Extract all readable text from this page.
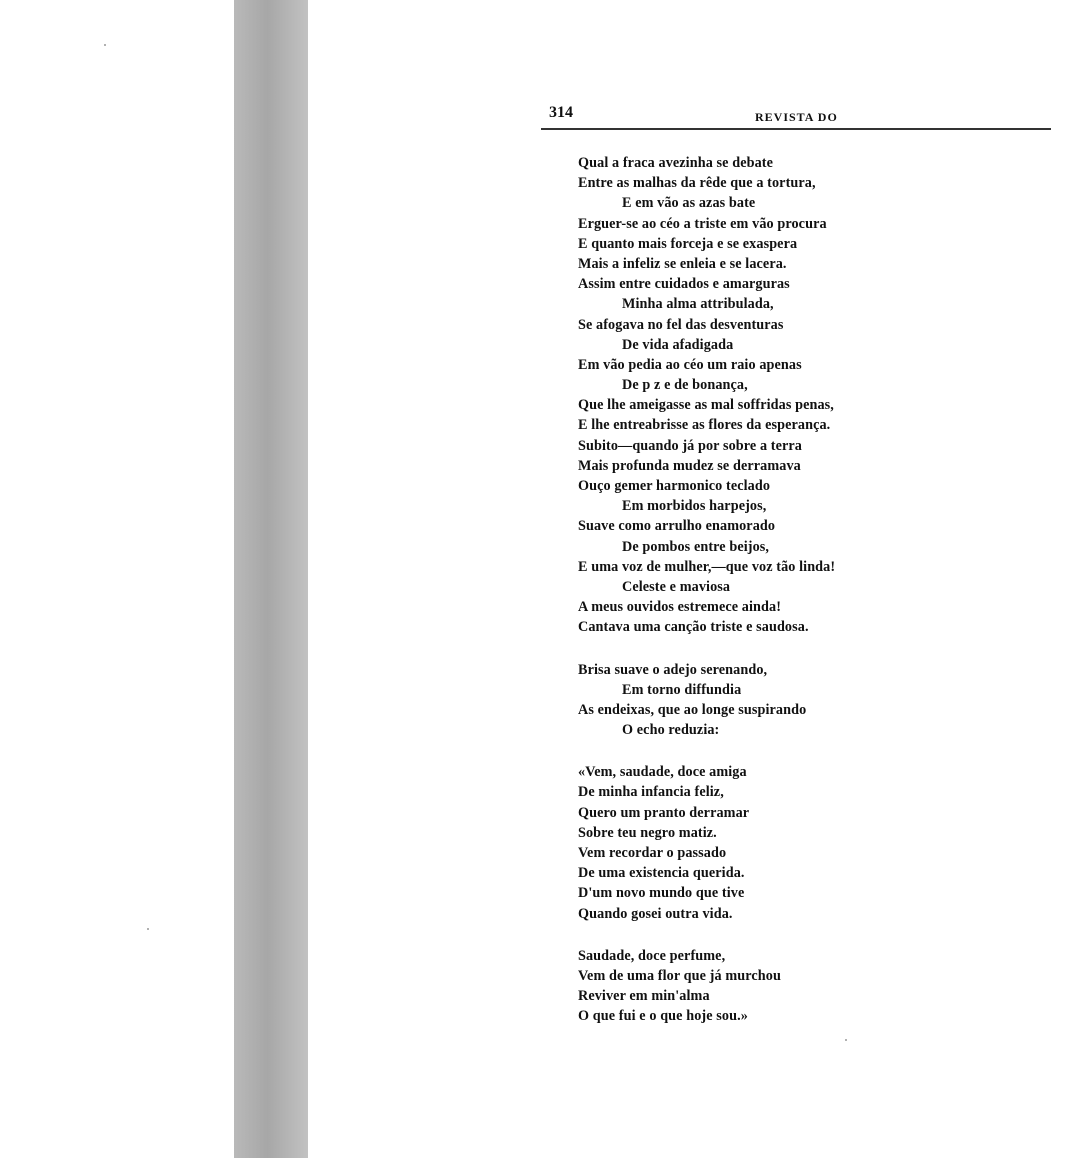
314	REVISTA DO
Qual a fraca avezinha se debate
Entre as malhas da rêde que a tortura,
E em vão as azas bate
Erguer-se ao céo a triste em vão procura
E quanto mais forceja e se exaspera
Mais a infeliz se enleia e se lacera.
Assim entre cuidados e amarguras
Minha alma attribulada,
Se afogava no fel das desventuras
De vida afadigada
Em vão pedia ao céo um raio apenas
De p z e de bonança,
Que lhe ameigasse as mal soffridas penas,
E lhe entreabrisse as flores da esperança.
Subito—quando já por sobre a terra
Mais profunda mudez se derramava
Ouço gemer harmonico teclado
Em morbidos harpejos,
Suave como arrulho enamorado
De pombos entre beijos,
E uma voz de mulher,—que voz tão linda!
Celeste e maviosa
A meus ouvidos estremece ainda!
Cantava uma canção triste e saudosa.
Brisa suave o adejo serenando,
Em torno diffundia
As endeixas, que ao longe suspirando
O echo reduzia:
«Vem, saudade, doce amiga
De minha infancia feliz,
Quero um pranto derramar
Sobre teu negro matiz.
Vem recordar o passado
De uma existencia querida.
D'um novo mundo que tive
Quando gosei outra vida.
Saudade, doce perfume,
Vem de uma flor que já murchou
Reviver em min'alma
O que fui e o que hoje sou.»
